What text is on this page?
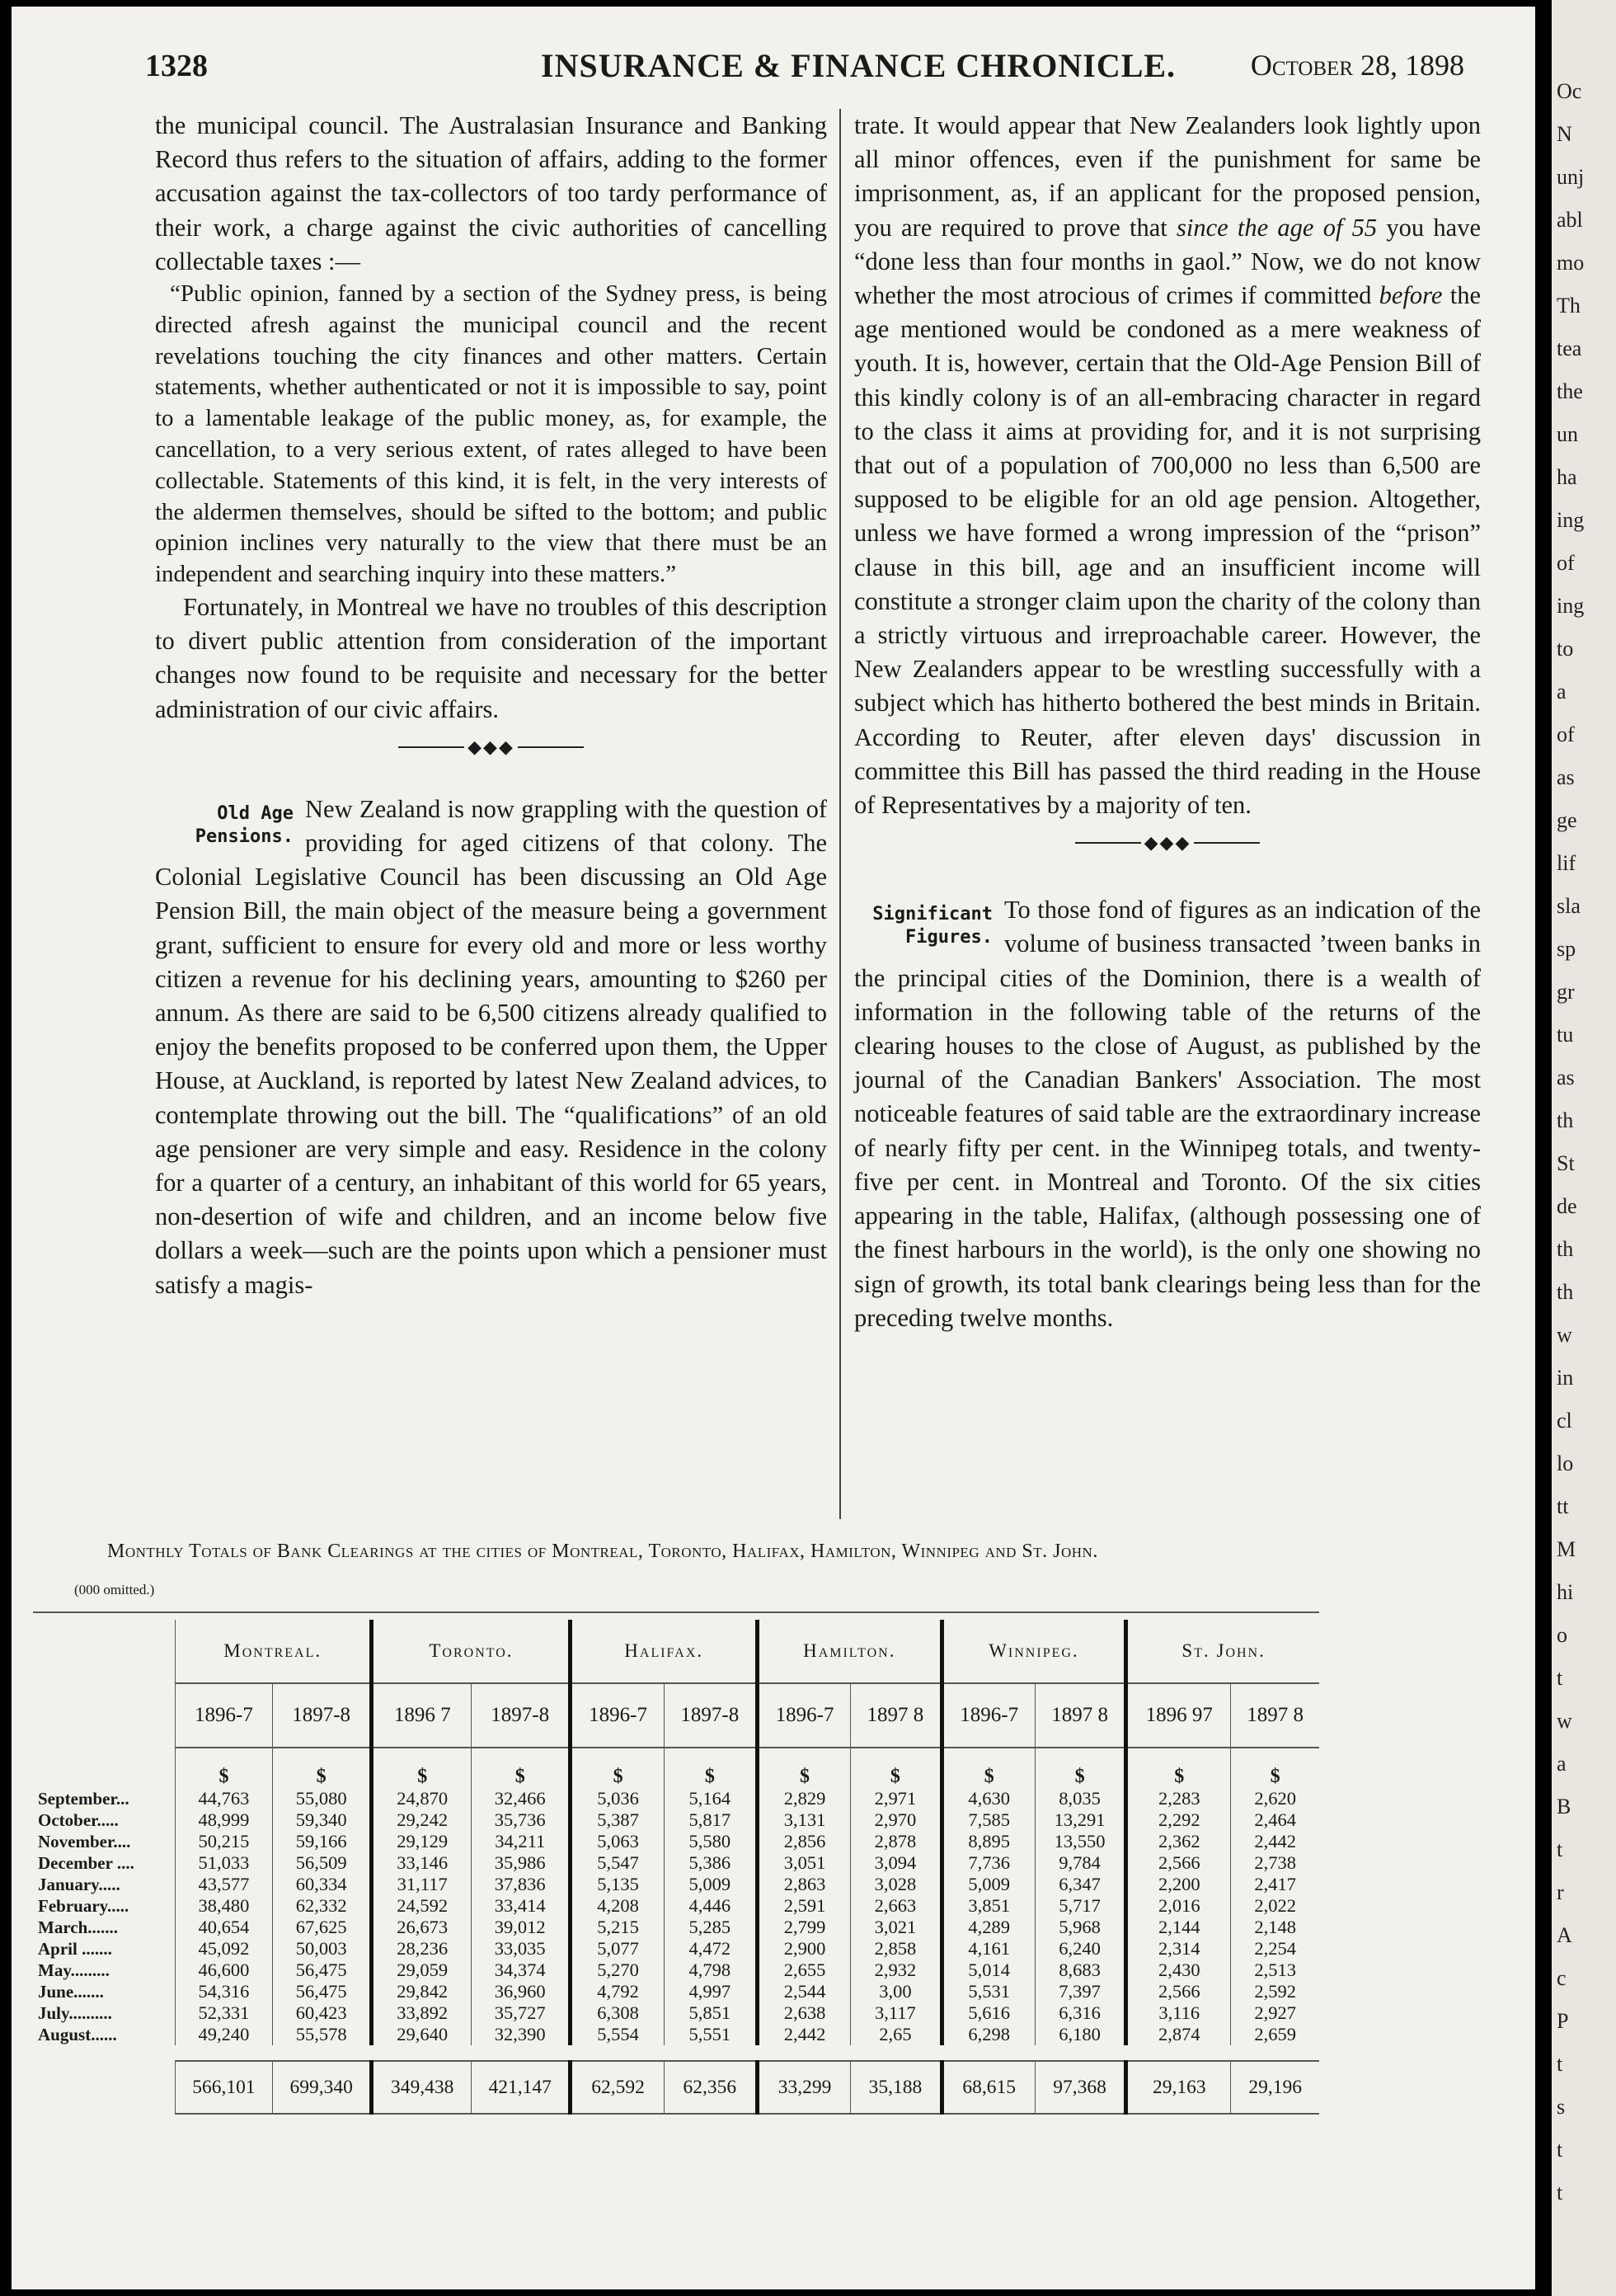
Oc
N
unj
abl
mo
Th
tea
the
un
ha
ing
of
ing
to
a
of
as
ge
lif
sla
sp
gr
tu
as
th
St
de
th
th
w
in
cl
lo
tt
M
hi
o
t
w
a
B
t
r
A
c
P
t
s
t
t
1328	INSURANCE & FINANCE CHRONICLE.	October 28, 1898

the municipal council. The Australasian Insurance and Banking Record thus refers to the situation of affairs, adding to the former accusation against the tax-collectors of too tardy performance of their work, a charge against the civic authorities of cancelling collectable taxes :—

“Public opinion, fanned by a section of the Sydney press, is being directed afresh against the municipal council and the recent revelations touching the city finances and other matters. Certain statements, whether authenticated or not it is impossible to say, point to a lamentable leakage of the public money, as, for example, the cancellation, to a very serious extent, of rates alleged to have been collectable. Statements of this kind, it is felt, in the very interests of the aldermen themselves, should be sifted to the bottom; and public opinion inclines very naturally to the view that there must be an independent and searching inquiry into these matters.”

Fortunately, in Montreal we have no troubles of this description to divert public attention from consideration of the important changes now found to be requisite and necessary for the better administration of our civic affairs.

◆◆◆
Old Age
Pensions.

New Zealand is now grappling with the question of providing for aged citizens of that colony. The Colonial Legislative Council has been discussing an Old Age Pension Bill, the main object of the measure being a government grant, sufficient to ensure for every old and more or less worthy citizen a revenue for his declining years, amounting to $260 per annum. As there are said to be 6,500 citizens already qualified to enjoy the benefits proposed to be conferred upon them, the Upper House, at Auckland, is reported by latest New Zealand advices, to contemplate throwing out the bill. The “qualifications” of an old age pensioner are very simple and easy. Residence in the colony for a quarter of a century, an inhabitant of this world for 65 years, non-desertion of wife and children, and an income below five dollars a week—such are the points upon which a pensioner must satisfy a magis-

trate. It would appear that New Zealanders look lightly upon all minor offences, even if the punishment for same be imprisonment, as, if an applicant for the proposed pension, you are required to prove that since the age of 55 you have “done less than four months in gaol.” Now, we do not know whether the most atrocious of crimes if committed before the age mentioned would be condoned as a mere weakness of youth. It is, however, certain that the Old-Age Pension Bill of this kindly colony is of an all-embracing character in regard to the class it aims at providing for, and it is not surprising that out of a population of 700,000 no less than 6,500 are supposed to be eligible for an old age pension. Altogether, unless we have formed a wrong impression of the “prison” clause in this bill, age and an insufficient income will constitute a stronger claim upon the charity of the colony than a strictly virtuous and irreproachable career. However, the New Zealanders appear to be wrestling successfully with a subject which has hitherto bothered the best minds in Britain. According to Reuter, after eleven days' discussion in committee this Bill has passed the third reading in the House of Representatives by a majority of ten.

◆◆◆
Significant
Figures.

To those fond of figures as an indication of the volume of business transacted ’tween banks in the principal cities of the Dominion, there is a wealth of information in the following table of the returns of the clearing houses to the close of August, as published by the journal of the Canadian Bankers' Association. The most noticeable features of said table are the extraordinary increase of nearly fifty per cent. in the Winnipeg totals, and twenty-five per cent. in Montreal and Toronto. Of the six cities appearing in the table, Halifax, (although possessing one of the finest harbours in the world), is the only one showing no sign of growth, its total bank clearings being less than for the preceding twelve months.

Monthly Totals of Bank Clearings at the cities of Montreal, Toronto, Halifax, Hamilton, Winnipeg and St. John.
(000 omitted.)
	Montreal.		Toronto.		Halifax.		Hamilton.		Winnipeg.		St. John.	
	1896-7	1897-8	1896 7	1897-8	1896-7	1897-8	1896-7	1897 8	1896-7	1897 8	1896 97	1897 8
	$	$	$	$	$	$	$	$	$	$	$	$
September...	44,763	55,080	24,870	32,466	5,036	5,164	2,829	2,971	4,630	8,035	2,283	2,620
October.....	48,999	59,340	29,242	35,736	5,387	5,817	3,131	2,970	7,585	13,291	2,292	2,464
November....	50,215	59,166	29,129	34,211	5,063	5,580	2,856	2,878	8,895	13,550	2,362	2,442
December ....	51,033	56,509	33,146	35,986	5,547	5,386	3,051	3,094	7,736	9,784	2,566	2,738
January.....	43,577	60,334	31,117	37,836	5,135	5,009	2,863	3,028	5,009	6,347	2,200	2,417
February.....	38,480	62,332	24,592	33,414	4,208	4,446	2,591	2,663	3,851	5,717	2,016	2,022
March.......	40,654	67,625	26,673	39,012	5,215	5,285	2,799	3,021	4,289	5,968	2,144	2,148
April .......	45,092	50,003	28,236	33,035	5,077	4,472	2,900	2,858	4,161	6,240	2,314	2,254
May.........	46,600	56,475	29,059	34,374	5,270	4,798	2,655	2,932	5,014	8,683	2,430	2,513
June.......	54,316	56,475	29,842	36,960	4,792	4,997	2,544	3,00	5,531	7,397	2,566	2,592
July..........	52,331	60,423	33,892	35,727	6,308	5,851	2,638	3,117	5,616	6,316	3,116	2,927
August......	49,240	55,578	29,640	32,390	5,554	5,551	2,442	2,65	6,298	6,180	2,874	2,659

	566,101	699,340	349,438	421,147	62,592	62,356	33,299	35,188	68,615	97,368	29,163	29,196
